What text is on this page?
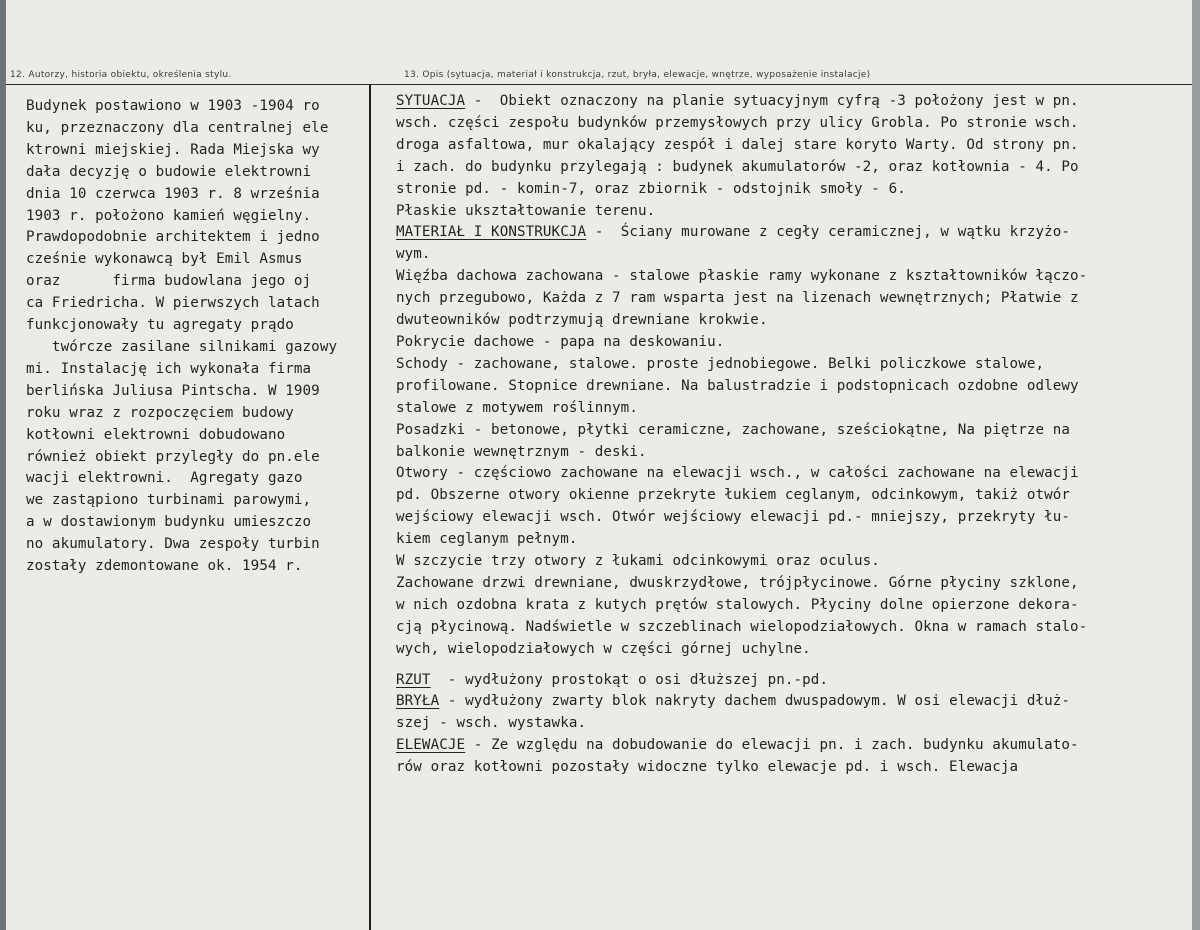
12. Autorzy, historia obiektu, określenia stylu.	13. Opis (sytuacja, materiał i konstrukcja, rzut, bryła, elewacje, wnętrze, wyposażenie instalacje)
Budynek postawiono w 1903 -1904 ro
ku, przeznaczony dla centralnej ele
ktrowni miejskiej. Rada Miejska wy
dała decyzję o budowie elektrowni
dnia 10 czerwca 1903 r. 8 września
1903 r. położono kamień węgielny.
Prawdopodobnie architektem i jedno
cześnie wykonawcą był Emil Asmus
oraz      firma budowlana jego oj
ca Friedricha. W pierwszych latach
funkcjonowały tu agregaty prądo
twórcze zasilane silnikami gazowy
mi. Instalację ich wykonała firma
berlińska Juliusa Pintscha. W 1909
roku wraz z rozpoczęciem budowy
kotłowni elektrowni dobudowano
również obiekt przyległy do pn.ele
wacji elektrowni.  Agregaty gazo
we zastąpiono turbinami parowymi,
a w dostawionym budynku umieszczo
no akumulatory. Dwa zespoły turbin
zostały zdemontowane ok. 1954 r.
SYTUACJA -  Obiekt oznaczony na planie sytuacyjnym cyfrą -3 położony jest w pn.
wsch. części zespołu budynków przemysłowych przy ulicy Grobla. Po stronie wsch.
droga asfaltowa, mur okalający zespół i dalej stare koryto Warty. Od strony pn.
i zach. do budynku przylegają : budynek akumulatorów -2, oraz kotłownia - 4. Po
stronie pd. - komin-7, oraz zbiornik - odstojnik smoły - 6.
Płaskie ukształtowanie terenu.
MATERIAŁ I KONSTRUKCJA -  Ściany murowane z cegły ceramicznej, w wątku krzyżo-
wym.
Więźba dachowa zachowana - stalowe płaskie ramy wykonane z kształtowników łączo-
nych przegubowo, Każda z 7 ram wsparta jest na lizenach wewnętrznych; Płatwie z
dwuteowników podtrzymują drewniane krokwie.
Pokrycie dachowe - papa na deskowaniu.
Schody - zachowane, stalowe. proste jednobiegowe. Belki policzkowe stalowe,
profilowane. Stopnice drewniane. Na balustradzie i podstopnicach ozdobne odlewy
stalowe z motywem roślinnym.
Posadzki - betonowe, płytki ceramiczne, zachowane, sześciokątne, Na piętrze na
balkonie wewnętrznym - deski.
Otwory - częściowo zachowane na elewacji wsch., w całości zachowane na elewacji
pd. Obszerne otwory okienne przekryte łukiem ceglanym, odcinkowym, takiż otwór
wejściowy elewacji wsch. Otwór wejściowy elewacji pd.- mniejszy, przekryty łu-
kiem ceglanym pełnym.
W szczycie trzy otwory z łukami odcinkowymi oraz oculus.
Zachowane drzwi drewniane, dwuskrzydłowe, trójpłycinowe. Górne płyciny szklone,
w nich ozdobna krata z kutych prętów stalowych. Płyciny dolne opierzone dekora-
cją płycinową. Nadświetle w szczeblinach wielopodziałowych. Okna w ramach stalo-
wych, wielopodziałowych w części górnej uchylne.
RZUT  - wydłużony prostokąt o osi dłuższej pn.-pd.
BRYŁA - wydłużony zwarty blok nakryty dachem dwuspadowym. W osi elewacji dłuż-
szej - wsch. wystawka.
ELEWACJE - Ze względu na dobudowanie do elewacji pn. i zach. budynku akumulato-
rów oraz kotłowni pozostały widoczne tylko elewacje pd. i wsch. Elewacja
